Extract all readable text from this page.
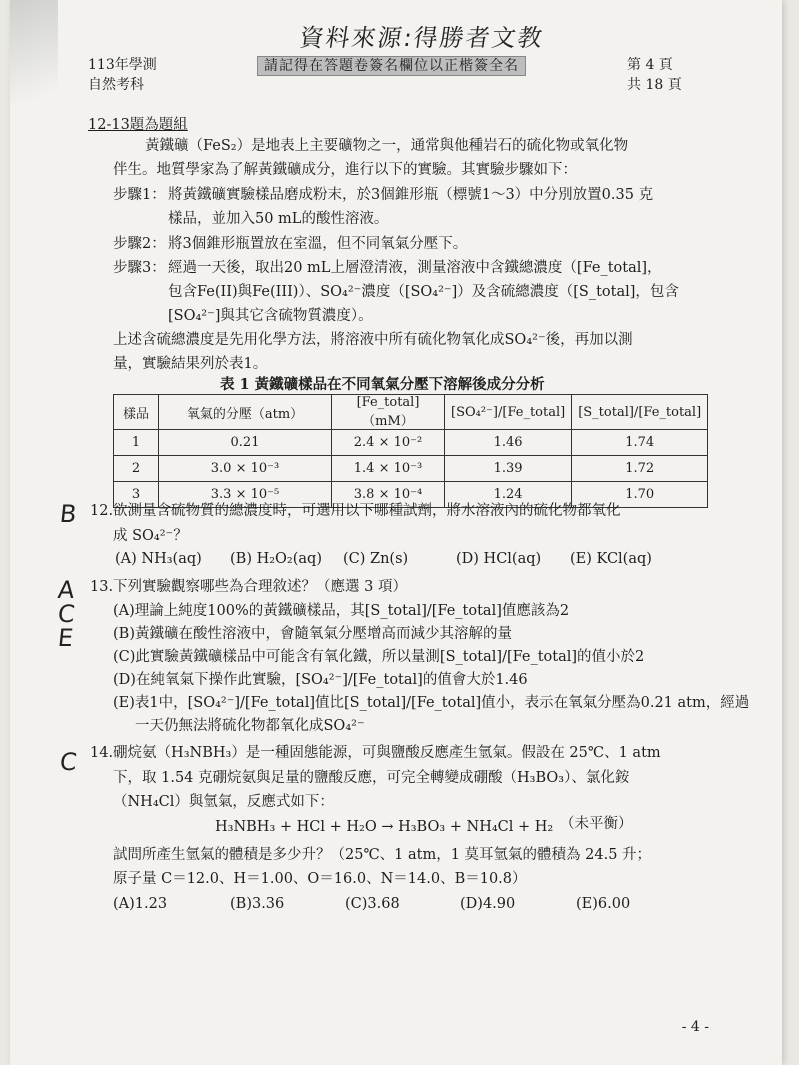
資料來源:得勝者文教
113年學測
自然考科
請記得在答題卷簽名欄位以正楷簽全名	第 4 頁
共 18 頁
12-13題為題組
黃鐵礦（FeS₂）是地表上主要礦物之一，通常與他種岩石的硫化物或氧化物
伴生。地質學家為了解黃鐵礦成分，進行以下的實驗。其實驗步驟如下：
步驟1： 將黃鐵礦實驗樣品磨成粉末，於3個錐形瓶（標號1～3）中分別放置0.35 克
樣品，並加入50 mL的酸性溶液。
步驟2： 將3個錐形瓶置放在室溫，但不同氧氣分壓下。
步驟3： 經過一天後，取出20 mL上層澄清液，測量溶液中含鐵總濃度（[Fe_total]，
包含Fe(II)與Fe(III)）、SO₄²⁻濃度（[SO₄²⁻]）及含硫總濃度（[S_total]，包含
[SO₄²⁻]與其它含硫物質濃度）。
上述含硫總濃度是先用化學方法，將溶液中所有硫化物氧化成SO₄²⁻後，再加以測
量，實驗結果列於表1。
表 1 黃鐵礦樣品在不同氧氣分壓下溶解後成分分析
樣品	氧氣的分壓（atm）	[Fe_total]（mM）	[SO₄²⁻]/[Fe_total]	[S_total]/[Fe_total]
1	0.21	2.4 × 10⁻²	1.46	1.74
2	3.0 × 10⁻³	1.4 × 10⁻³	1.39	1.72
3	3.3 × 10⁻⁵	3.8 × 10⁻⁴	1.24	1.70
B 12.欲測量含硫物質的總濃度時，可選用以下哪種試劑，將水溶液內的硫化物都氧化
成 SO₄²⁻？
(A) NH₃(aq) (B) H₂O₂(aq) (C) Zn(s)	(D) HCl(aq) (E) KCl(aq)
A
C
E
13.下列實驗觀察哪些為合理敘述？（應選 3 項）
(A)理論上純度100%的黃鐵礦樣品，其[S_total]/[Fe_total]值應該為2
(B)黃鐵礦在酸性溶液中，會隨氧氣分壓增高而減少其溶解的量
(C)此實驗黃鐵礦樣品中可能含有氧化鐵，所以量測[S_total]/[Fe_total]的值小於2
(D)在純氧氣下操作此實驗，[SO₄²⁻]/[Fe_total]的值會大於1.46
(E)表1中，[SO₄²⁻]/[Fe_total]值比[S_total]/[Fe_total]值小，表示在氧氣分壓為0.21 atm，經過
一天仍無法將硫化物都氧化成SO₄²⁻
C 14.硼烷氨（H₃NBH₃）是一種固態能源，可與鹽酸反應產生氫氣。假設在 25℃、1 atm
下，取 1.54 克硼烷氨與足量的鹽酸反應，可完全轉變成硼酸（H₃BO₃）、氯化銨
（NH₄Cl）與氫氣，反應式如下：
H₃NBH₃ + HCl + H₂O → H₃BO₃ + NH₄Cl + H₂ （未平衡）
試問所產生氫氣的體積是多少升？（25℃、1 atm，1 莫耳氫氣的體積為 24.5 升；
原子量 C＝12.0、H＝1.00、O＝16.0、N＝14.0、B＝10.8）
(A)1.23	(B)3.36	(C)3.68	(D)4.90	(E)6.00
- 4 -
